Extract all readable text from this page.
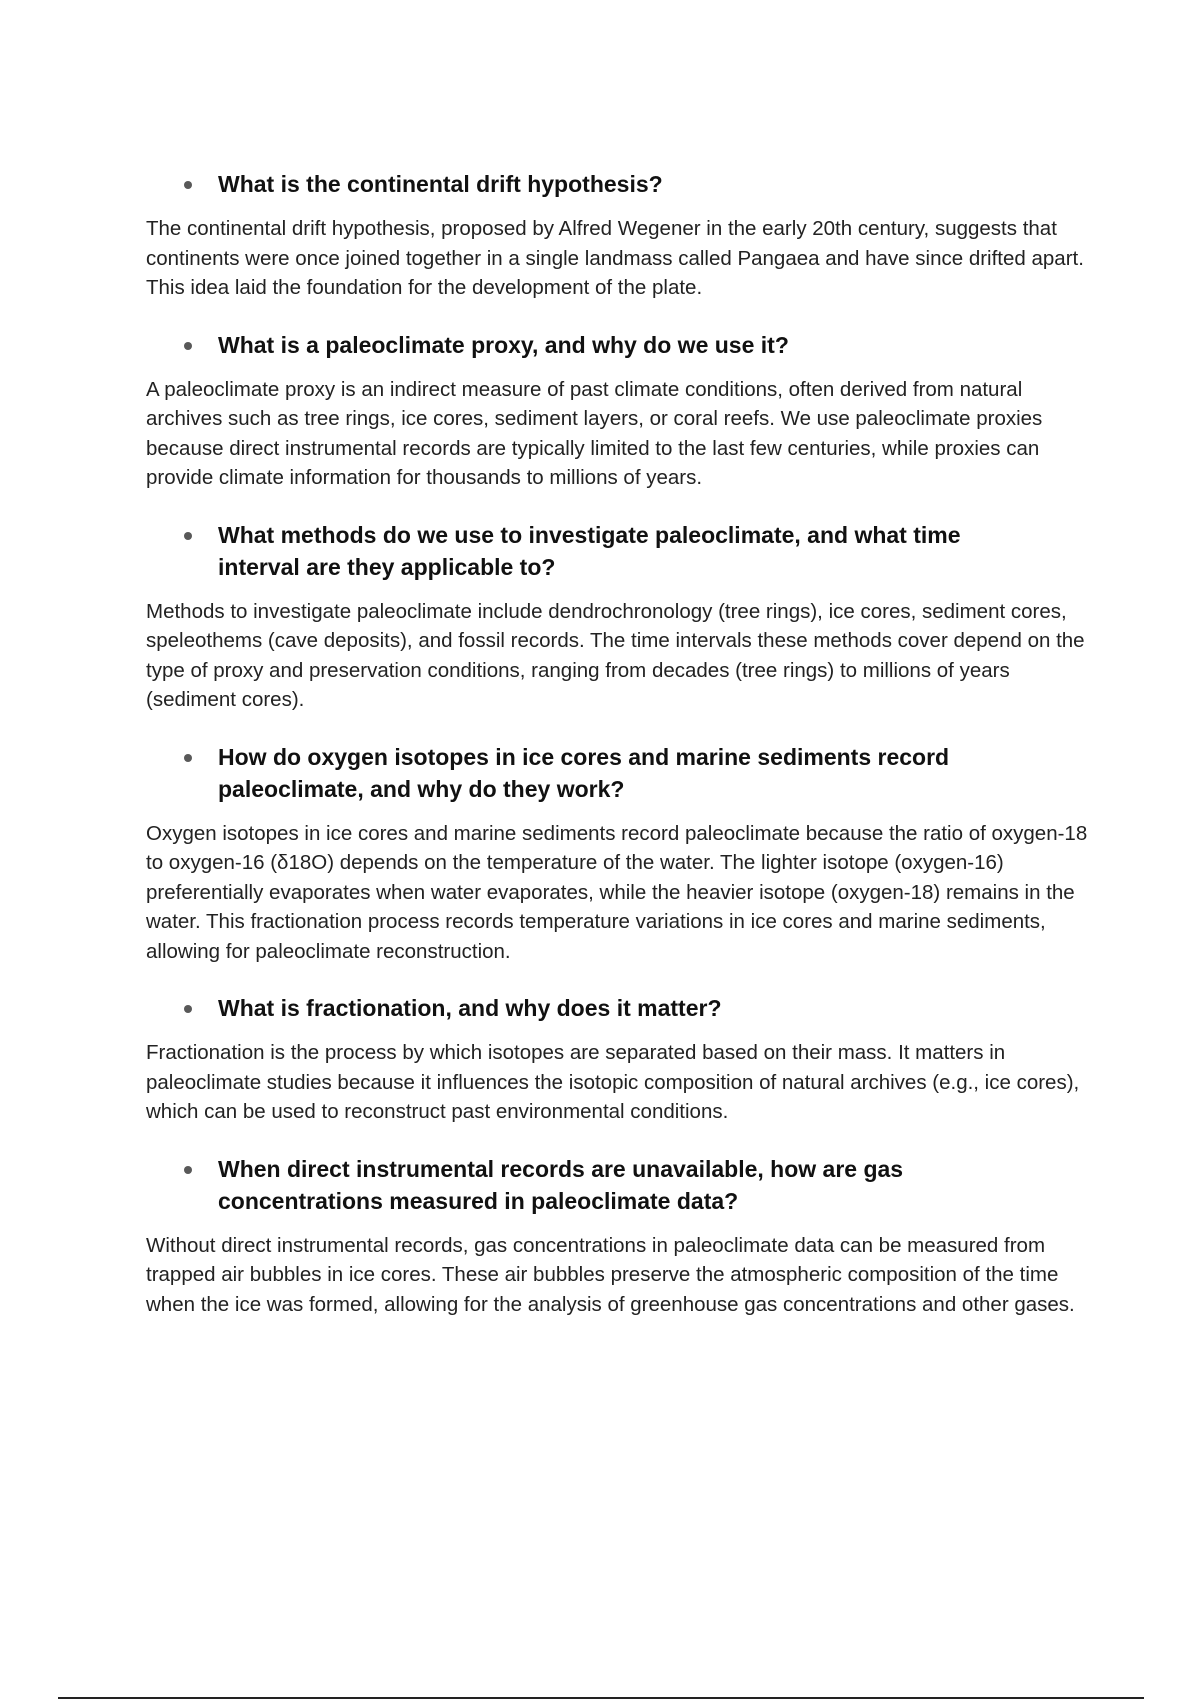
What is the continental drift hypothesis?

The continental drift hypothesis, proposed by Alfred Wegener in the early 20th century, suggests that continents were once joined together in a single landmass called Pangaea and have since drifted apart. This idea laid the foundation for the development of the plate.

What is a paleoclimate proxy, and why do we use it?

A paleoclimate proxy is an indirect measure of past climate conditions, often derived from natural archives such as tree rings, ice cores, sediment layers, or coral reefs. We use paleoclimate proxies because direct instrumental records are typically limited to the last few centuries, while proxies can provide climate information for thousands to millions of years.

What methods do we use to investigate paleoclimate, and what time interval are they applicable to?

Methods to investigate paleoclimate include dendrochronology (tree rings), ice cores, sediment cores, speleothems (cave deposits), and fossil records. The time intervals these methods cover depend on the type of proxy and preservation conditions, ranging from decades (tree rings) to millions of years (sediment cores).

How do oxygen isotopes in ice cores and marine sediments record paleoclimate, and why do they work?

Oxygen isotopes in ice cores and marine sediments record paleoclimate because the ratio of oxygen-18 to oxygen-16 (δ18O) depends on the temperature of the water. The lighter isotope (oxygen-16) preferentially evaporates when water evaporates, while the heavier isotope (oxygen-18) remains in the water. This fractionation process records temperature variations in ice cores and marine sediments, allowing for paleoclimate reconstruction.

What is fractionation, and why does it matter?

Fractionation is the process by which isotopes are separated based on their mass. It matters in paleoclimate studies because it influences the isotopic composition of natural archives (e.g., ice cores), which can be used to reconstruct past environmental conditions.

When direct instrumental records are unavailable, how are gas concentrations measured in paleoclimate data?

Without direct instrumental records, gas concentrations in paleoclimate data can be measured from trapped air bubbles in ice cores. These air bubbles preserve the atmospheric composition of the time when the ice was formed, allowing for the analysis of greenhouse gas concentrations and other gases.
